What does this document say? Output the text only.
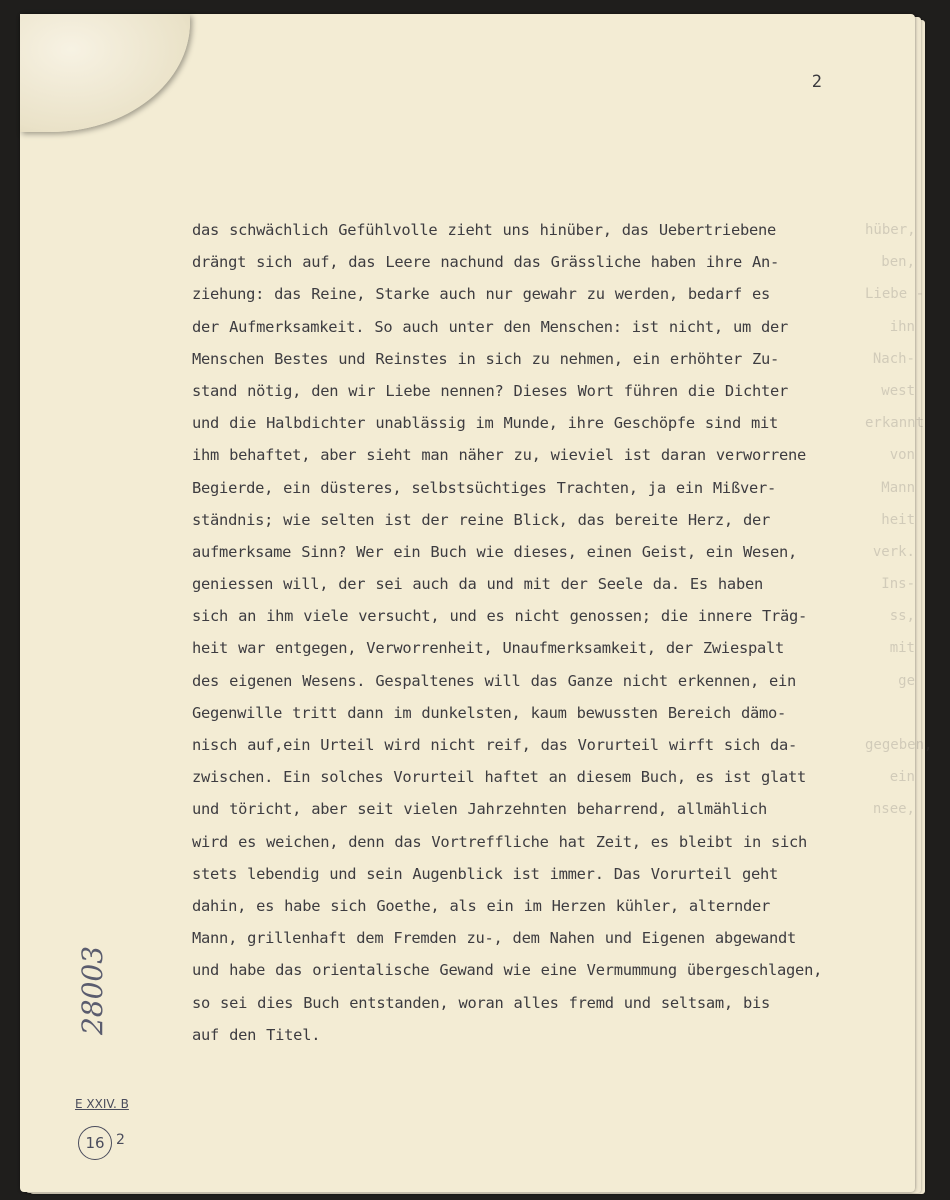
2
hüber,
ben,
Liebe -
ihn
Nach-
west
erkannt
von
Mann
heit
verk.
Ins-
ss,
mit
ge
gegeben,
ein
nsee,
das schwächlich Gefühlvolle zieht uns hinüber, das Uebertriebene
drängt sich auf, das Leere nachund das Grässliche haben ihre An-
ziehung: das Reine, Starke auch nur gewahr zu werden, bedarf es
der Aufmerksamkeit. So auch unter den Menschen: ist nicht, um der
Menschen Bestes und Reinstes in sich zu nehmen, ein erhöhter Zu-
stand nötig, den wir Liebe nennen? Dieses Wort führen die Dichter
und die Halbdichter unablässig im Munde, ihre Geschöpfe sind mit
ihm behaftet, aber sieht man näher zu, wieviel ist daran verworrene
Begierde, ein düsteres, selbstsüchtiges Trachten, ja ein Mißver-
ständnis; wie selten ist der reine Blick, das bereite Herz, der
aufmerksame Sinn? Wer ein Buch wie dieses, einen Geist, ein Wesen,
geniessen will, der sei auch da und mit der Seele da. Es haben
sich an ihm viele versucht, und es nicht genossen; die innere Träg-
heit war entgegen, Verworrenheit, Unaufmerksamkeit, der Zwiespalt
des eigenen Wesens. Gespaltenes will das Ganze nicht erkennen, ein
Gegenwille tritt dann im dunkelsten, kaum bewussten Bereich dämo-
nisch auf,ein Urteil wird nicht reif, das Vorurteil wirft sich da-
zwischen. Ein solches Vorurteil haftet an diesem Buch, es ist glatt
und töricht, aber seit vielen Jahrzehnten beharrend, allmählich
wird es weichen, denn das Vortreffliche hat Zeit, es bleibt in sich
stets lebendig und sein Augenblick ist immer. Das Vorurteil geht
dahin, es habe sich Goethe, als ein im Herzen kühler, alternder
Mann, grillenhaft dem Fremden zu-, dem Nahen und Eigenen abgewandt
und habe das orientalische Gewand wie eine Vermummung übergeschlagen,
so sei dies Buch entstanden, woran alles fremd und seltsam, bis
auf den Titel.
28003
E XXIV. B
16 2
